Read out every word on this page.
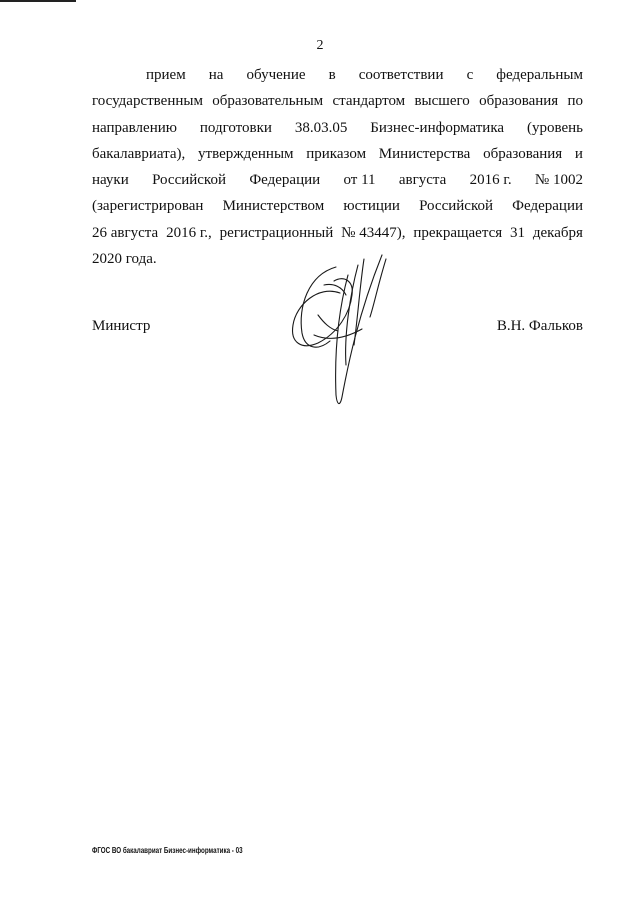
2
прием на обучение в соответствии с федеральным
государственным образовательным стандартом высшего образования по
направлению подготовки 38.03.05 Бизнес-информатика (уровень
бакалавриата), утвержденным приказом Министерства образования и
науки Российской Федерации от 11 августа 2016 г. № 1002
(зарегистрирован Министерством юстиции Российской Федерации
26 августа 2016 г., регистрационный № 43447), прекращается 31 декабря
2020 года.
Министр	В.Н. Фальков
ФГОС ВО бакалавриат Бизнес-информатика - 03
